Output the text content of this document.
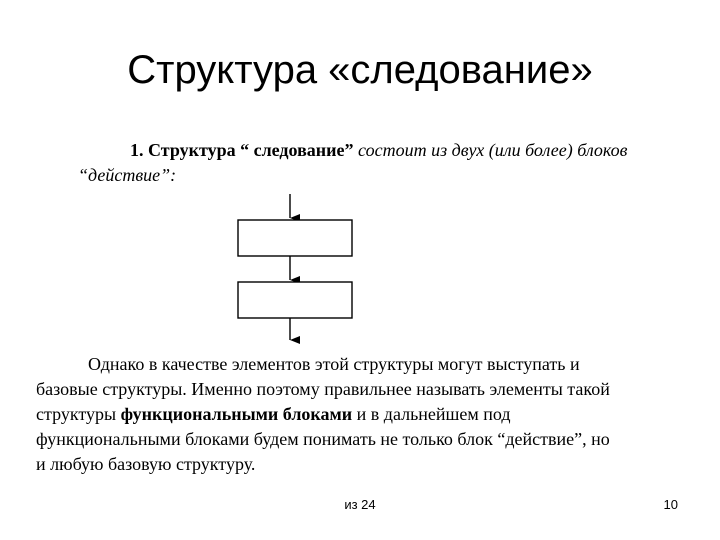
Структура «следование»
1. Структура “ следование” состоит из двух (или более) блоков
“действие”:
Однако в качестве элементов этой структуры могут выступать и
базовые структуры. Именно поэтому правильнее называть элементы такой
структуры функциональными блоками и в дальнейшем под
функциональными блоками будем понимать не только блок “действие”, но
и любую базовую структуру.
из 24	10
